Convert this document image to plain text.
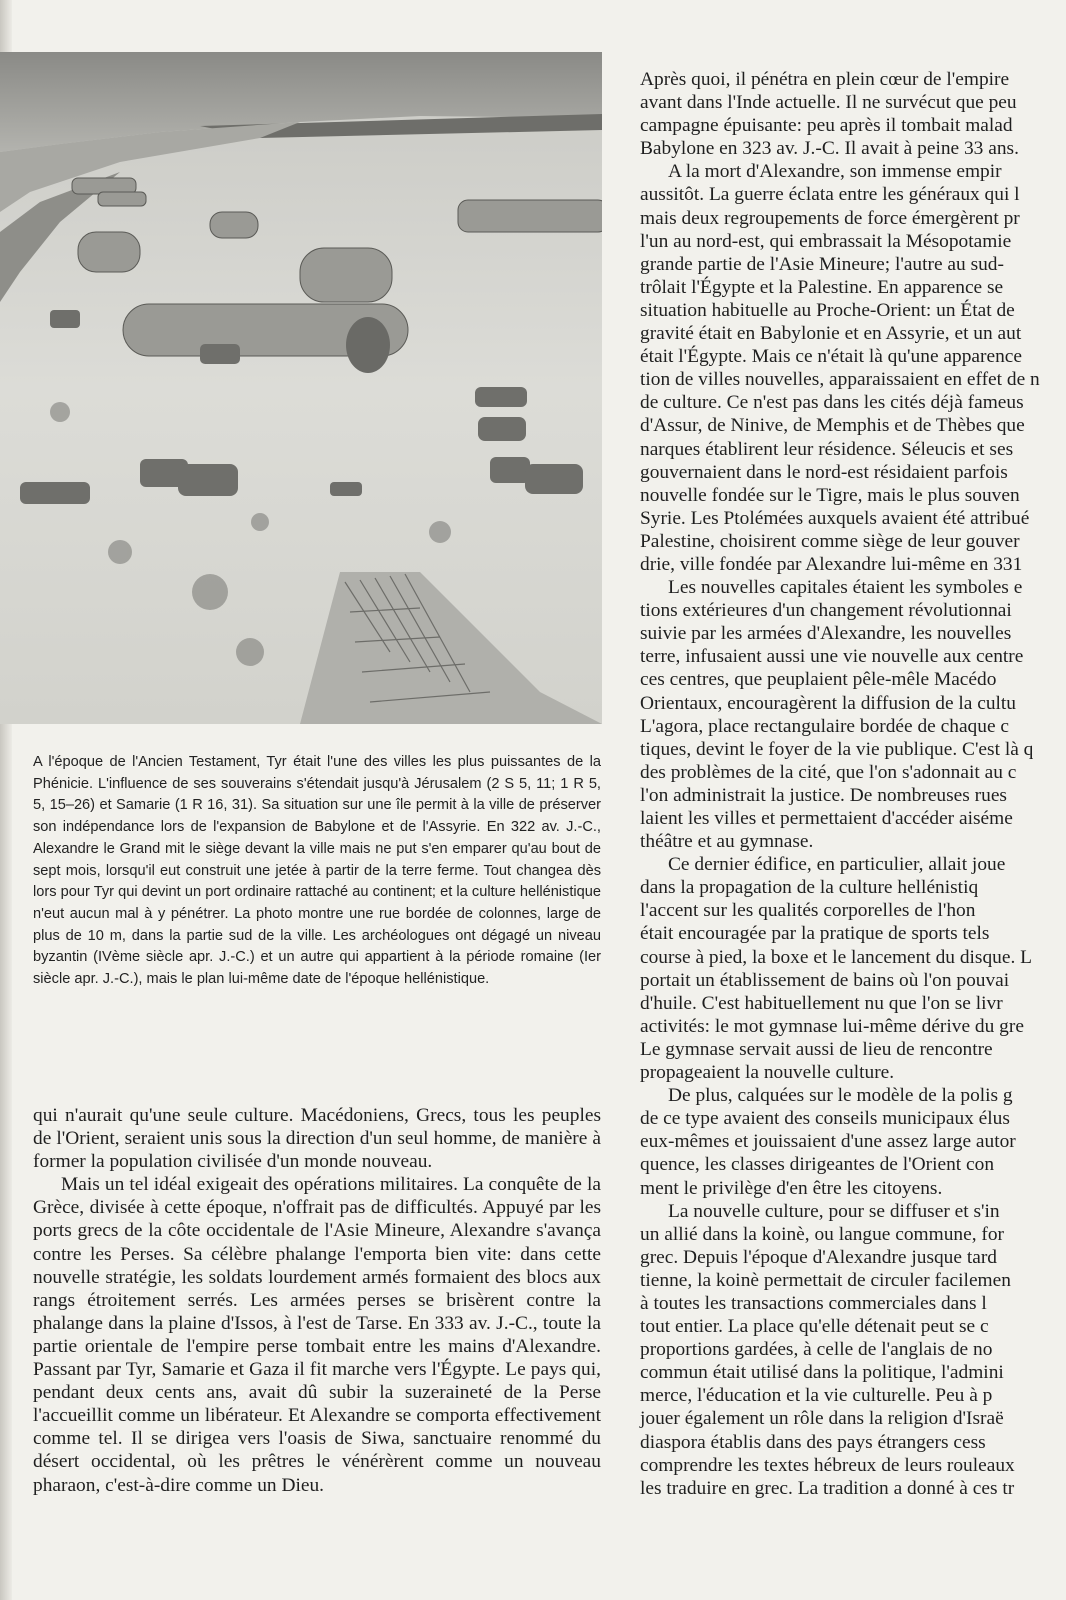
A l'époque de l'Ancien Testament, Tyr était l'une des villes les plus puissantes de la Phénicie. L'influence de ses souverains s'étendait jusqu'à Jérusalem (2 S 5, 11; 1 R 5, 5, 15–26) et Samarie (1 R 16, 31). Sa situation sur une île permit à la ville de préserver son indépendance lors de l'expansion de Babylone et de l'Assyrie. En 322 av. J.-C., Alexandre le Grand mit le siège devant la ville mais ne put s'en emparer qu'au bout de sept mois, lorsqu'il eut construit une jetée à partir de la terre ferme. Tout changea dès lors pour Tyr qui devint un port ordinaire rattaché au continent; et la culture hellénistique n'eut aucun mal à y pénétrer. La photo montre une rue bordée de colonnes, large de plus de 10 m, dans la partie sud de la ville. Les archéologues ont dégagé un niveau byzantin (IVème siècle apr. J.-C.) et un autre qui appartient à la période romaine (Ier siècle apr. J.-C.), mais le plan lui-même date de l'époque hellénistique.

qui n'aurait qu'une seule culture. Macédoniens, Grecs, tous les peuples de l'Orient, seraient unis sous la direction d'un seul homme, de manière à former la population civilisée d'un monde nouveau.

Mais un tel idéal exigeait des opérations militaires. La conquête de la Grèce, divisée à cette époque, n'offrait pas de difficultés. Appuyé par les ports grecs de la côte occidentale de l'Asie Mineure, Alexandre s'avança contre les Perses. Sa célèbre phalange l'emporta bien vite: dans cette nouvelle stratégie, les soldats lourdement armés formaient des blocs aux rangs étroitement serrés. Les armées perses se brisèrent contre la phalange dans la plaine d'Issos, à l'est de Tarse. En 333 av. J.-C., toute la partie orientale de l'empire perse tombait entre les mains d'Alexandre. Passant par Tyr, Samarie et Gaza il fit marche vers l'Égypte. Le pays qui, pendant deux cents ans, avait dû subir la suzeraineté de la Perse l'accueillit comme un libérateur. Et Alexandre se comporta effectivement comme tel. Il se dirigea vers l'oasis de Siwa, sanctuaire renommé du désert occidental, où les prêtres le vénérèrent comme un nouveau pharaon, c'est-à-dire comme un Dieu.

Après quoi, il pénétra en plein cœur de l'empire

avant dans l'Inde actuelle. Il ne survécut que peu

campagne épuisante: peu après il tombait malad

Babylone en 323 av. J.-C. Il avait à peine 33 ans.

A la mort d'Alexandre, son immense empir

aussitôt. La guerre éclata entre les généraux qui l

mais deux regroupements de force émergèrent pr

l'un au nord-est, qui embrassait la Mésopotamie

grande partie de l'Asie Mineure; l'autre au sud-

trôlait l'Égypte et la Palestine. En apparence se

situation habituelle au Proche-Orient: un État de

gravité était en Babylonie et en Assyrie, et un aut

était l'Égypte. Mais ce n'était là qu'une apparence

tion de villes nouvelles, apparaissaient en effet de n

de culture. Ce n'est pas dans les cités déjà fameus

d'Assur, de Ninive, de Memphis et de Thèbes que

narques établirent leur résidence. Séleucis et ses

gouvernaient dans le nord-est résidaient parfois

nouvelle fondée sur le Tigre, mais le plus souven

Syrie. Les Ptolémées auxquels avaient été attribué

Palestine, choisirent comme siège de leur gouver

drie, ville fondée par Alexandre lui-même en 331

Les nouvelles capitales étaient les symboles e

tions extérieures d'un changement révolutionnai

suivie par les armées d'Alexandre, les nouvelles

terre, infusaient aussi une vie nouvelle aux centre

ces centres, que peuplaient pêle-mêle Macédo

Orientaux, encouragèrent la diffusion de la cultu

L'agora, place rectangulaire bordée de chaque c

tiques, devint le foyer de la vie publique. C'est là q

des problèmes de la cité, que l'on s'adonnait au c

l'on administrait la justice. De nombreuses rues

laient les villes et permettaient d'accéder aiséme

théâtre et au gymnase.

Ce dernier édifice, en particulier, allait joue

dans la propagation de la culture hellénistiq

l'accent sur les qualités corporelles de l'hon

était encouragée par la pratique de sports tels

course à pied, la boxe et le lancement du disque. L

portait un établissement de bains où l'on pouvai

d'huile. C'est habituellement nu que l'on se livr

activités: le mot gymnase lui-même dérive du gre

Le gymnase servait aussi de lieu de rencontre

propageaient la nouvelle culture.

De plus, calquées sur le modèle de la polis g

de ce type avaient des conseils municipaux élus

eux-mêmes et jouissaient d'une assez large autor

quence, les classes dirigeantes de l'Orient con

ment le privilège d'en être les citoyens.

La nouvelle culture, pour se diffuser et s'in

un allié dans la koinè, ou langue commune, for

grec. Depuis l'époque d'Alexandre jusque tard

tienne, la koinè permettait de circuler facilemen

à toutes les transactions commerciales dans l

tout entier. La place qu'elle détenait peut se c

proportions gardées, à celle de l'anglais de no

commun était utilisé dans la politique, l'admini

merce, l'éducation et la vie culturelle. Peu à p

jouer également un rôle dans la religion d'Israë

diaspora établis dans des pays étrangers cess

comprendre les textes hébreux de leurs rouleaux

les traduire en grec. La tradition a donné à ces tr
